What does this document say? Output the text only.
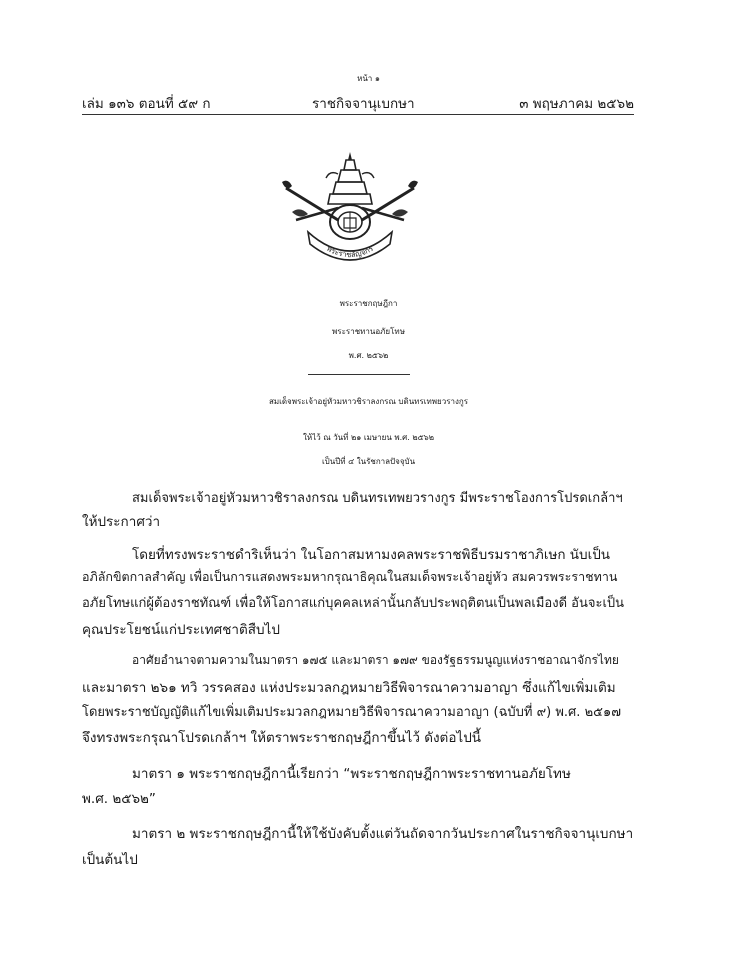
หน้า ๑
เล่ม ๑๓๖ ตอนที่ ๕๙ ก	ราชกิจจานุเบกษา	๓ พฤษภาคม ๒๕๖๒
พระราชลัญจกร
พระราชกฤษฎีกา
พระราชทานอภัยโทษ
พ.ศ. ๒๕๖๒
สมเด็จพระเจ้าอยู่หัวมหาวชิราลงกรณ บดินทรเทพยวรางกูร
ให้ไว้ ณ วันที่ ๒๑ เมษายน พ.ศ. ๒๕๖๒
เป็นปีที่ ๔ ในรัชกาลปัจจุบัน
สมเด็จพระเจ้าอยู่หัวมหาวชิราลงกรณ บดินทรเทพยวรางกูร มีพระราชโองการโปรดเกล้าฯ
ให้ประกาศว่า
โดยที่ทรงพระราชดำริเห็นว่า ในโอกาสมหามงคลพระราชพิธีบรมราชาภิเษก นับเป็น
อภิลักขิตกาลสำคัญ เพื่อเป็นการแสดงพระมหากรุณาธิคุณในสมเด็จพระเจ้าอยู่หัว สมควรพระราชทาน
อภัยโทษแก่ผู้ต้องราชทัณฑ์ เพื่อให้โอกาสแก่บุคคลเหล่านั้นกลับประพฤติตนเป็นพลเมืองดี อันจะเป็น
คุณประโยชน์แก่ประเทศชาติสืบไป
อาศัยอำนาจตามความในมาตรา ๑๗๕ และมาตรา ๑๗๙ ของรัฐธรรมนูญแห่งราชอาณาจักรไทย
และมาตรา ๒๖๑ ทวิ วรรคสอง แห่งประมวลกฎหมายวิธีพิจารณาความอาญา ซึ่งแก้ไขเพิ่มเติม
โดยพระราชบัญญัติแก้ไขเพิ่มเติมประมวลกฎหมายวิธีพิจารณาความอาญา (ฉบับที่ ๙) พ.ศ. ๒๕๑๗
จึงทรงพระกรุณาโปรดเกล้าฯ ให้ตราพระราชกฤษฎีกาขึ้นไว้ ดังต่อไปนี้
มาตรา ๑ พระราชกฤษฎีกานี้เรียกว่า “พระราชกฤษฎีกาพระราชทานอภัยโทษ
พ.ศ. ๒๕๖๒”
มาตรา ๒ พระราชกฤษฎีกานี้ให้ใช้บังคับตั้งแต่วันถัดจากวันประกาศในราชกิจจานุเบกษา
เป็นต้นไป
